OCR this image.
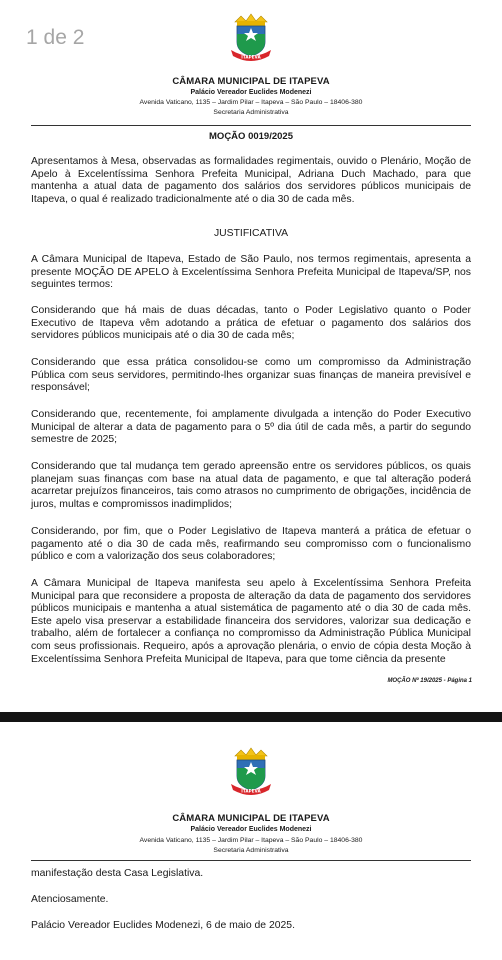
1 de 2
ITAPEVA
CÂMARA MUNICIPAL DE ITAPEVA
Palácio Vereador Euclides Modenezi
Avenida Vaticano, 1135 – Jardim Pilar – Itapeva – São Paulo – 18406-380
Secretaria Administrativa
MOÇÃO 0019/2025
Apresentamos à Mesa, observadas as formalidades regimentais, ouvido o Plenário, Moção de Apelo à Excelentíssima Senhora Prefeita Municipal, Adriana Duch Machado, para que mantenha a atual data de pagamento dos salários dos servidores públicos municipais de Itapeva, o qual é realizado tradicionalmente até o dia 30 de cada mês.
JUSTIFICATIVA
A Câmara Municipal de Itapeva, Estado de São Paulo, nos termos regimentais, apresenta a presente MOÇÃO DE APELO à Excelentíssima Senhora Prefeita Municipal de Itapeva/SP, nos seguintes termos:
Considerando que há mais de duas décadas, tanto o Poder Legislativo quanto o Poder Executivo de Itapeva vêm adotando a prática de efetuar o pagamento dos salários dos servidores públicos municipais até o dia 30 de cada mês;
Considerando que essa prática consolidou-se como um compromisso da Administração Pública com seus servidores, permitindo-lhes organizar suas finanças de maneira previsível e responsável;
Considerando que, recentemente, foi amplamente divulgada a intenção do Poder Executivo Municipal de alterar a data de pagamento para o 5º dia útil de cada mês, a partir do segundo semestre de 2025;
Considerando que tal mudança tem gerado apreensão entre os servidores públicos, os quais planejam suas finanças com base na atual data de pagamento, e que tal alteração poderá acarretar prejuízos financeiros, tais como atrasos no cumprimento de obrigações, incidência de juros, multas e compromissos inadimplidos;
Considerando, por fim, que o Poder Legislativo de Itapeva manterá a prática de efetuar o pagamento até o dia 30 de cada mês, reafirmando seu compromisso com o funcionalismo público e com a valorização dos seus colaboradores;
A Câmara Municipal de Itapeva manifesta seu apelo à Excelentíssima Senhora Prefeita Municipal para que reconsidere a proposta de alteração da data de pagamento dos servidores públicos municipais e mantenha a atual sistemática de pagamento até o dia 30 de cada mês. Este apelo visa preservar a estabilidade financeira dos servidores, valorizar sua dedicação e trabalho, além de fortalecer a confiança no compromisso da Administração Pública Municipal com seus profissionais. Requeiro, após a aprovação plenária, o envio de cópia desta Moção à Excelentíssima Senhora Prefeita Municipal de Itapeva, para que tome ciência da presente
MOÇÃO Nº 19/2025 - Página 1
ITAPEVA
CÂMARA MUNICIPAL DE ITAPEVA
Palácio Vereador Euclides Modenezi
Avenida Vaticano, 1135 – Jardim Pilar – Itapeva – São Paulo – 18406-380
Secretaria Administrativa
manifestação desta Casa Legislativa.
Atenciosamente.
Palácio Vereador Euclides Modenezi, 6 de maio de 2025.
